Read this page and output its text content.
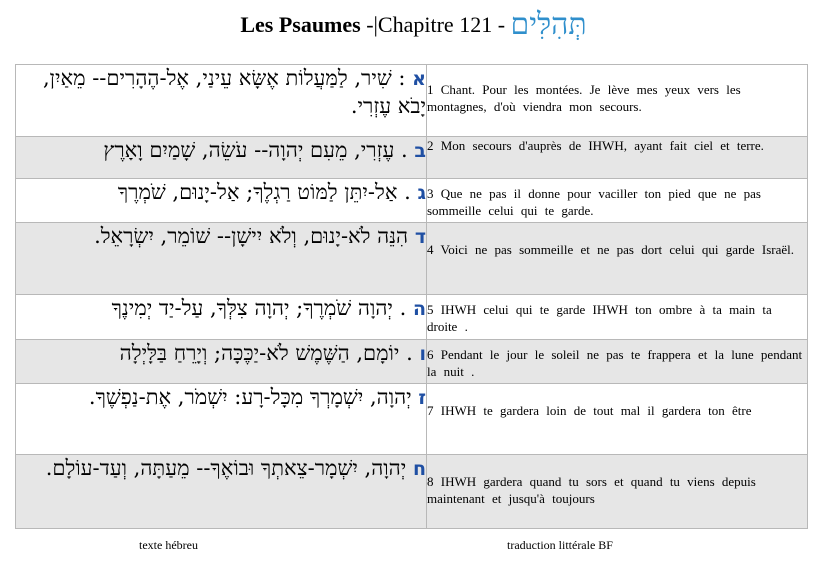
Les Psaumes -|Chapitre 121 - תְּהִלִּים
א : שִׁיר, לַמַּעֲלוֹת אֶשָּׂא עֵינַי, אֶל-הֶהָרִים-- מֵאַיִן, יָבֹא עֶזְרִי.	1 Chant. Pour les montées. Je lève mes yeux vers les montagnes, d'où viendra mon secours.
ב . עֶזְרִי, מֵעִם יְהוָה-- עֹשֵׂה, שָׁמַיִם וָאָרֶץ	2 Mon secours d'auprès de IHWH, ayant fait ciel et terre.
ג . אַל-יִתֵּן לַמּוֹט רַגְלֶךָ; אַל-יָנוּם, שֹׁמְרֶךָ	3 Que ne pas il donne pour vaciller ton pied que ne pas sommeille celui qui te garde.
ד הִנֵּה לֹא-יָנוּם, וְלֹא יִישָׁן-- שׁוֹמֵר, יִשְׂרָאֵל.	4 Voici ne pas sommeille et ne pas dort celui qui garde Israël.
ה . יְהוָה שֹׁמְרֶךָ; יְהוָה צִלְּךָ, עַל-יַד יְמִינֶךָ	5 IHWH celui qui te garde IHWH ton ombre à ta main ta droite .
ו . יוֹמָם, הַשֶּׁמֶשׁ לֹא-יַכֶּכָּה; וְיָרֵחַ בַּלָּיְלָה	6 Pendant le jour le soleil ne pas te frappera et la lune pendant la nuit .
ז יְהוָה, יִשְׁמָרְךָ מִכָּל-רָע: יִשְׁמֹר, אֶת-נַפְשֶׁךָ.	7 IHWH te gardera loin de tout mal il gardera ton être
ח יְהוָה, יִשְׁמָר-צֵאתְךָ וּבוֹאֶךָ-- מֵעַתָּה, וְעַד-עוֹלָם.	8 IHWH gardera quand tu sors et quand tu viens depuis maintenant et jusqu'à toujours
texte hébreu	traduction littérale BF
